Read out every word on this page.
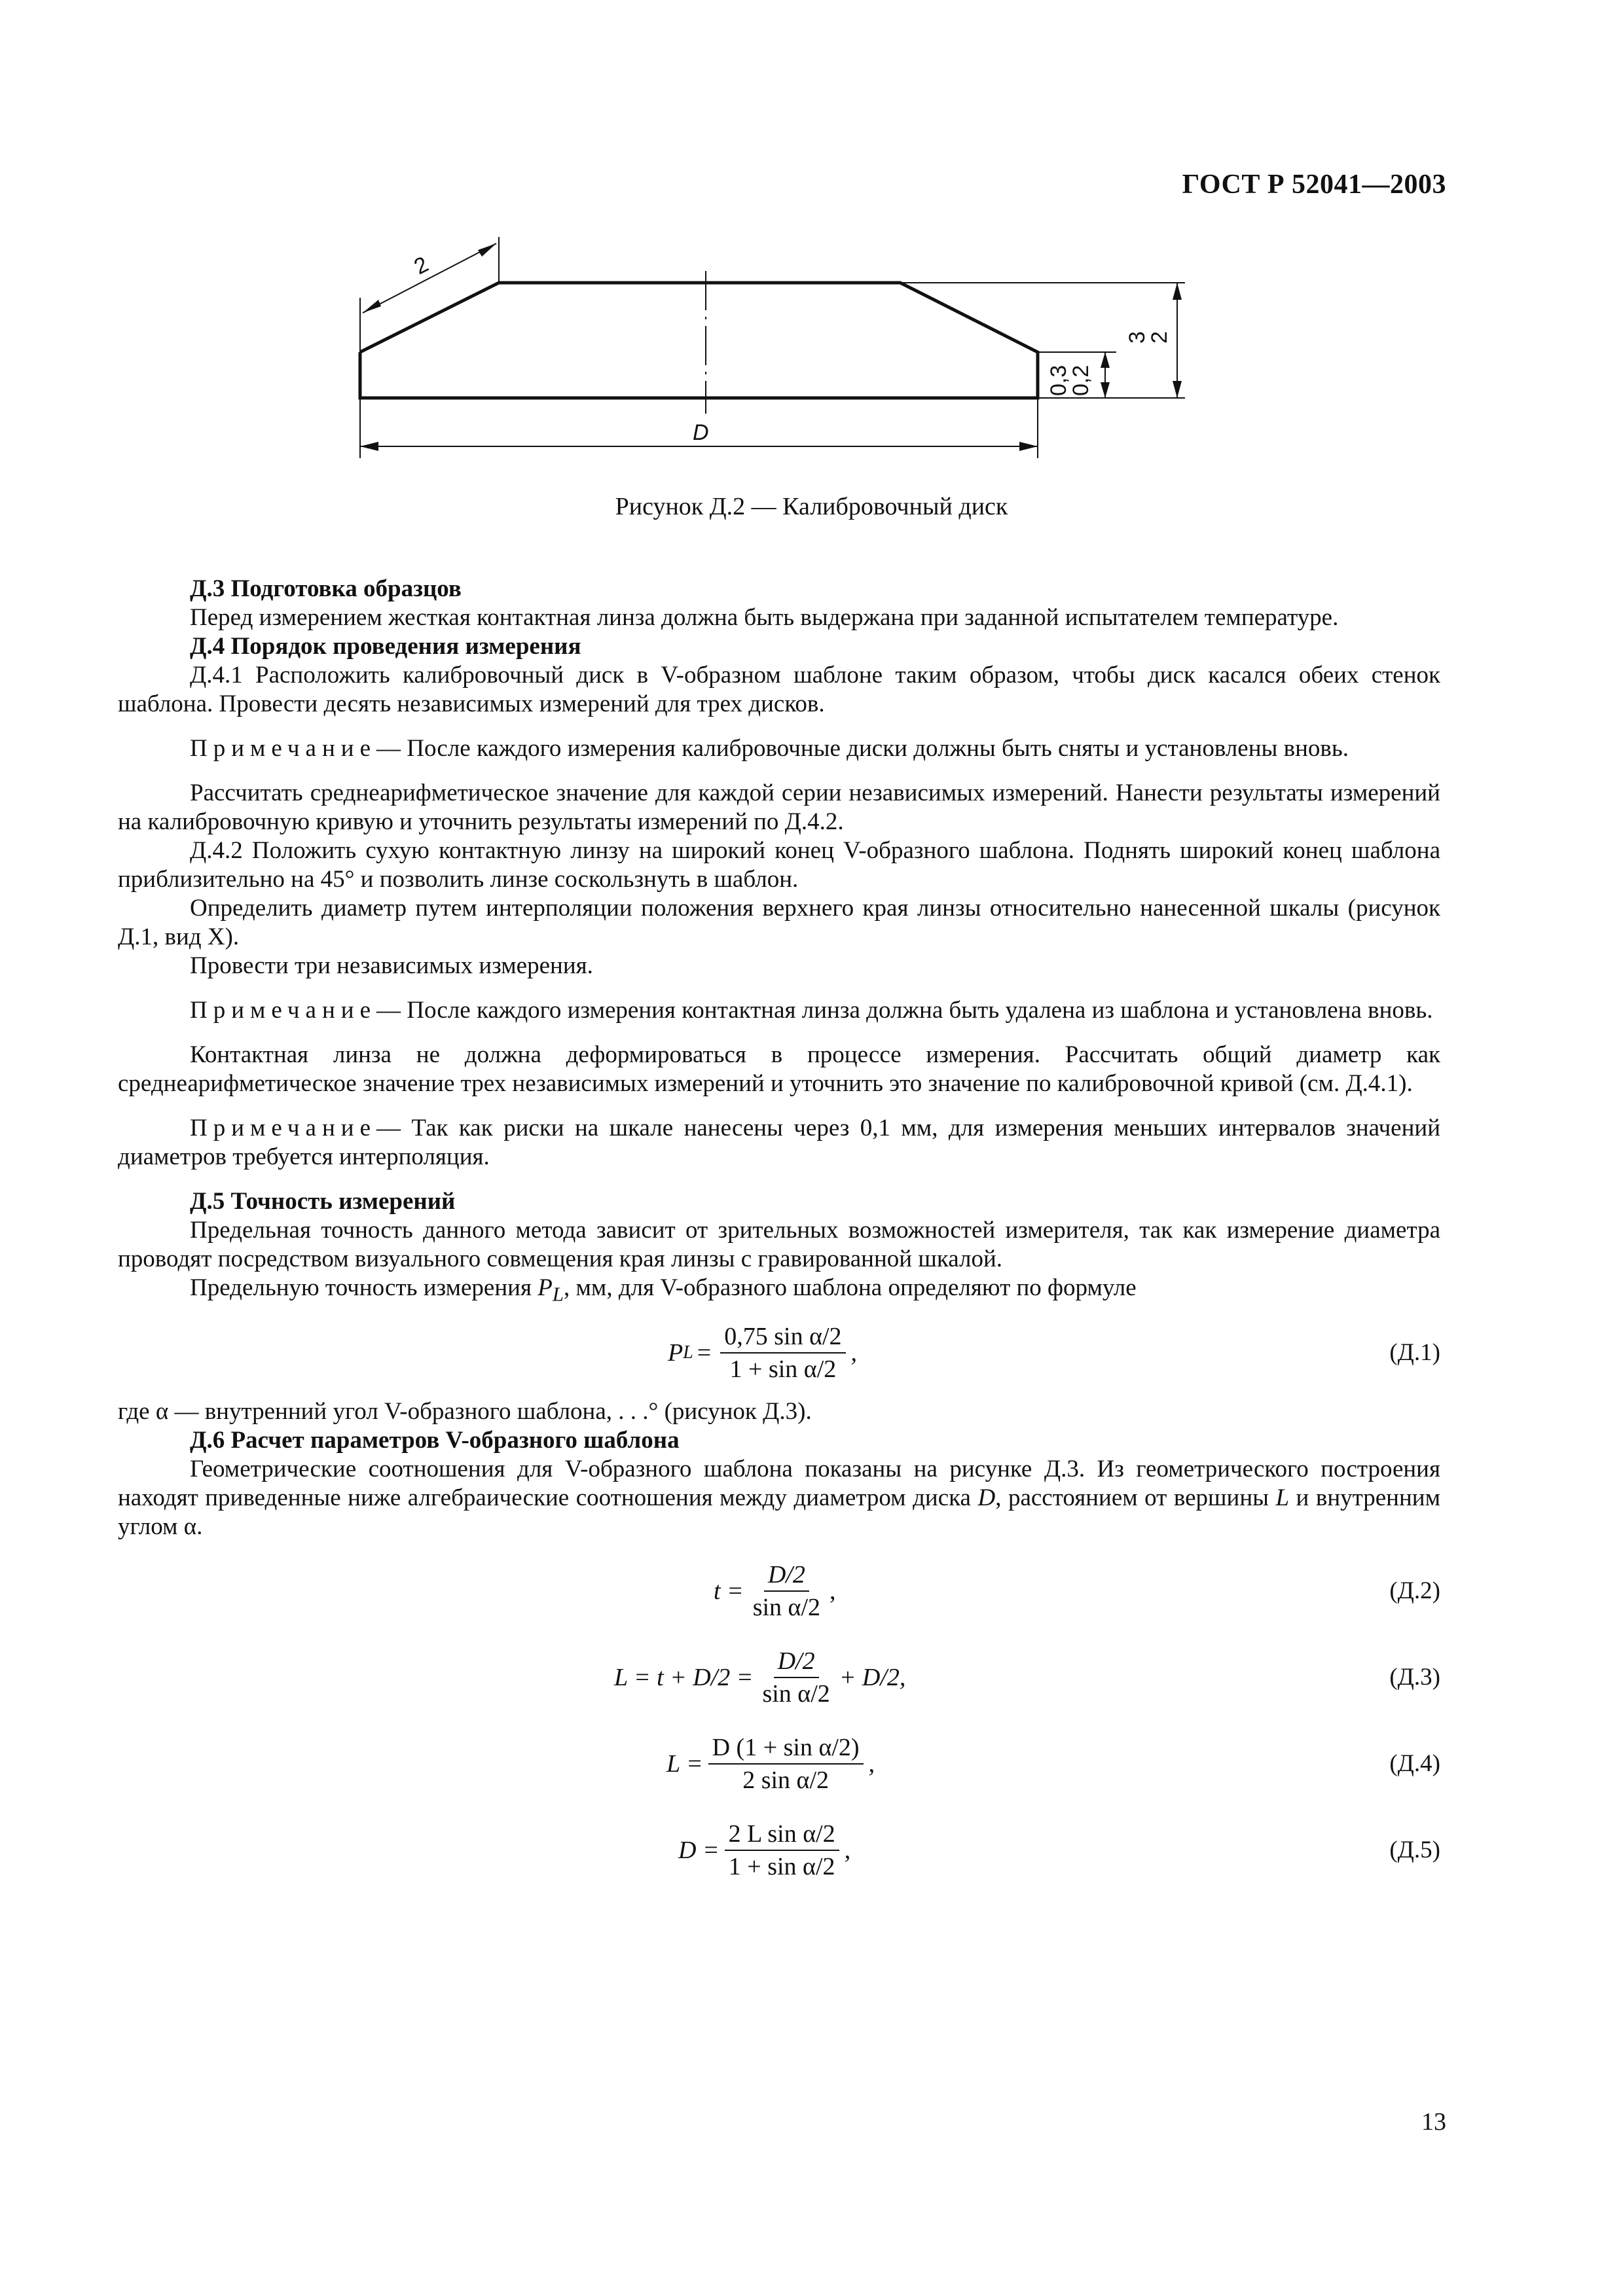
ГОСТ Р 52041—2003
2
D
3
2
0,3
0,2
Рисунок Д.2 — Калибровочный диск

Д.3 Подготовка образцов

Перед измерением жесткая контактная линза должна быть выдержана при заданной испытателем температуре.

Д.4 Порядок проведения измерения

Д.4.1 Расположить калибровочный диск в V-образном шаблоне таким образом, чтобы диск касался обеих стенок шаблона. Провести десять независимых измерений для трех дисков.

Примечание— После каждого измерения калибровочные диски должны быть сняты и установлены вновь.

Рассчитать среднеарифметическое значение для каждой серии независимых измерений. Нанести результаты измерений на калибровочную кривую и уточнить результаты измерений по Д.4.2.

Д.4.2 Положить сухую контактную линзу на широкий конец V-образного шаблона. Поднять широкий конец шаблона приблизительно на 45° и позволить линзе соскользнуть в шаблон.

Определить диаметр путем интерполяции положения верхнего края линзы относительно нанесенной шкалы (рисунок Д.1, вид X).

Провести три независимых измерения.

Примечание— После каждого измерения контактная линза должна быть удалена из шаблона и установлена вновь.

Контактная линза не должна деформироваться в процессе измерения. Рассчитать общий диаметр как среднеарифметическое значение трех независимых измерений и уточнить это значение по калибровочной кривой (см. Д.4.1).

Примечание— Так как риски на шкале нанесены через 0,1 мм, для измерения меньших интервалов значений диаметров требуется интерполяция.

Д.5 Точность измерений

Предельная точность данного метода зависит от зрительных возможностей измерителя, так как измерение диаметра проводят посредством визуального совмещения края линзы с гравированной шкалой.

Предельную точность измерения $P_L$, мм, для V-образного шаблона определяют по формуле

P $L = \frac{\text{0,75 sin α/2}}{\text{1 + sin α/2}}$ ,	(Д.1)

где α — внутренний угол V-образного шаблона, . . .° (рисунок Д.3).

Д.6 Расчет параметров V-образного шаблона

Геометрические соотношения для V-образного шаблона показаны на рисунке Д.3. Из геометрического построения находят приведенные ниже алгебраические соотношения между диаметром диска D, расстоянием от вершины L и внутренним углом α.

$t = \frac{D/2}{\text{sin α/2}}$ ,	(Д.2)
$L = t + D/2 = \frac{D/2}{\text{sin α/2}} + D/2$,	(Д.3)
$L = \frac{\text{D (1 + sin α/2)}}{\text{2 sin α/2}}$ ,	(Д.4)
$D = \frac{\text{2 L sin α/2}}{\text{1 + sin α/2}}$ ,	(Д.5)
13
